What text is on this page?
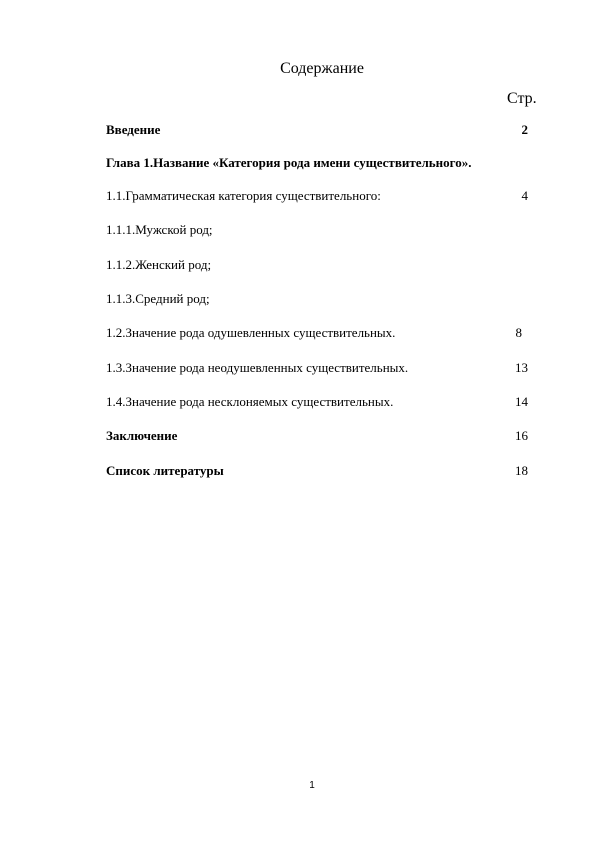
Содержание
Стр.
Введение	2
Глава 1.Название «Категория рода имени существительного».
1.1.Грамматическая категория существительного:	4
1.1.1.Мужской род;
1.1.2.Женский род;
1.1.3.Средний род;
1.2.Значение рода одушевленных существительных.	8
1.3.Значение рода неодушевленных существительных.	13
1.4.Значение рода несклоняемых существительных.	14
Заключение	16
Список литературы	18
1
